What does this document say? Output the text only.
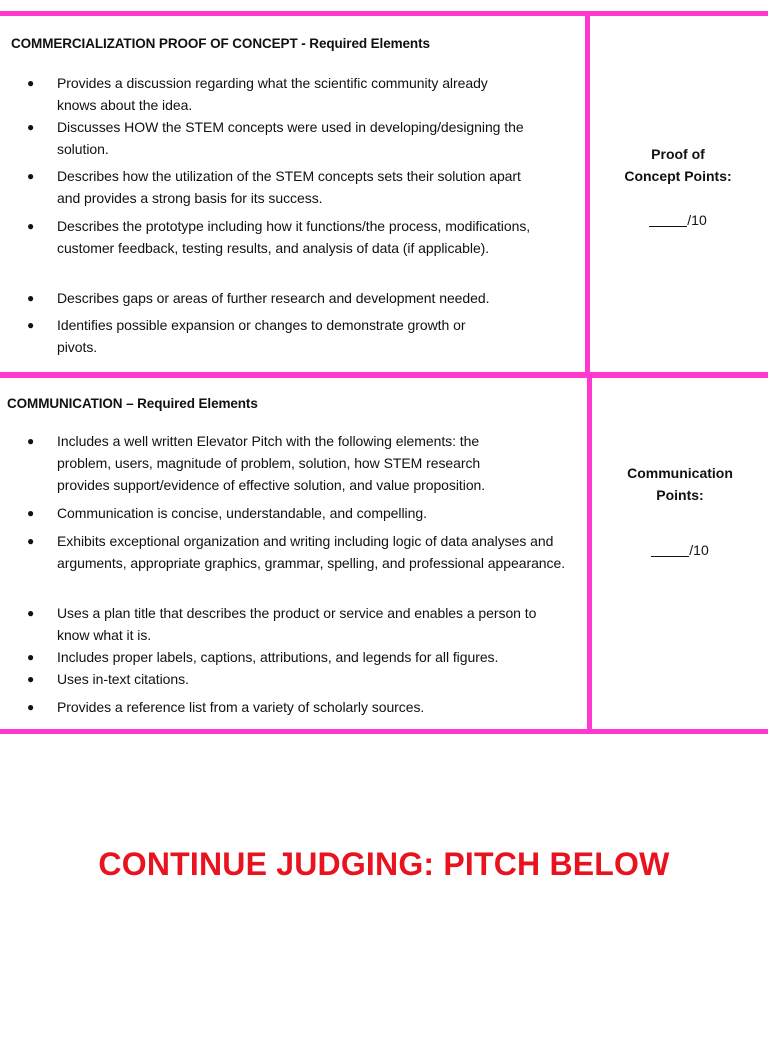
COMMERCIALIZATION PROOF OF CONCEPT - Required Elements
● Provides a discussion regarding what the scientific community already knows about the idea.
● Discusses HOW the STEM concepts were used in developing/designing the solution.
● Describes how the utilization of the STEM concepts sets their solution apart and provides a strong basis for its success.
● Describes the prototype including how it functions/the process, modifications, customer feedback, testing results, and analysis of data (if applicable).
● Describes gaps or areas of further research and development needed.
● Identifies possible expansion or changes to demonstrate growth or pivots.
Proof of Concept Points:
/10
COMMUNICATION – Required Elements
● Includes a well written Elevator Pitch with the following elements: the problem, users, magnitude of problem, solution, how STEM research provides support/evidence of effective solution, and value proposition.
● Communication is concise, understandable, and compelling.
● Exhibits exceptional organization and writing including logic of data analyses and arguments, appropriate graphics, grammar, spelling, and professional appearance.
● Uses a plan title that describes the product or service and enables a person to know what it is.
● Includes proper labels, captions, attributions, and legends for all figures.
● Uses in-text citations.
● Provides a reference list from a variety of scholarly sources.
Communication Points:
/10
CONTINUE JUDGING: PITCH BELOW
